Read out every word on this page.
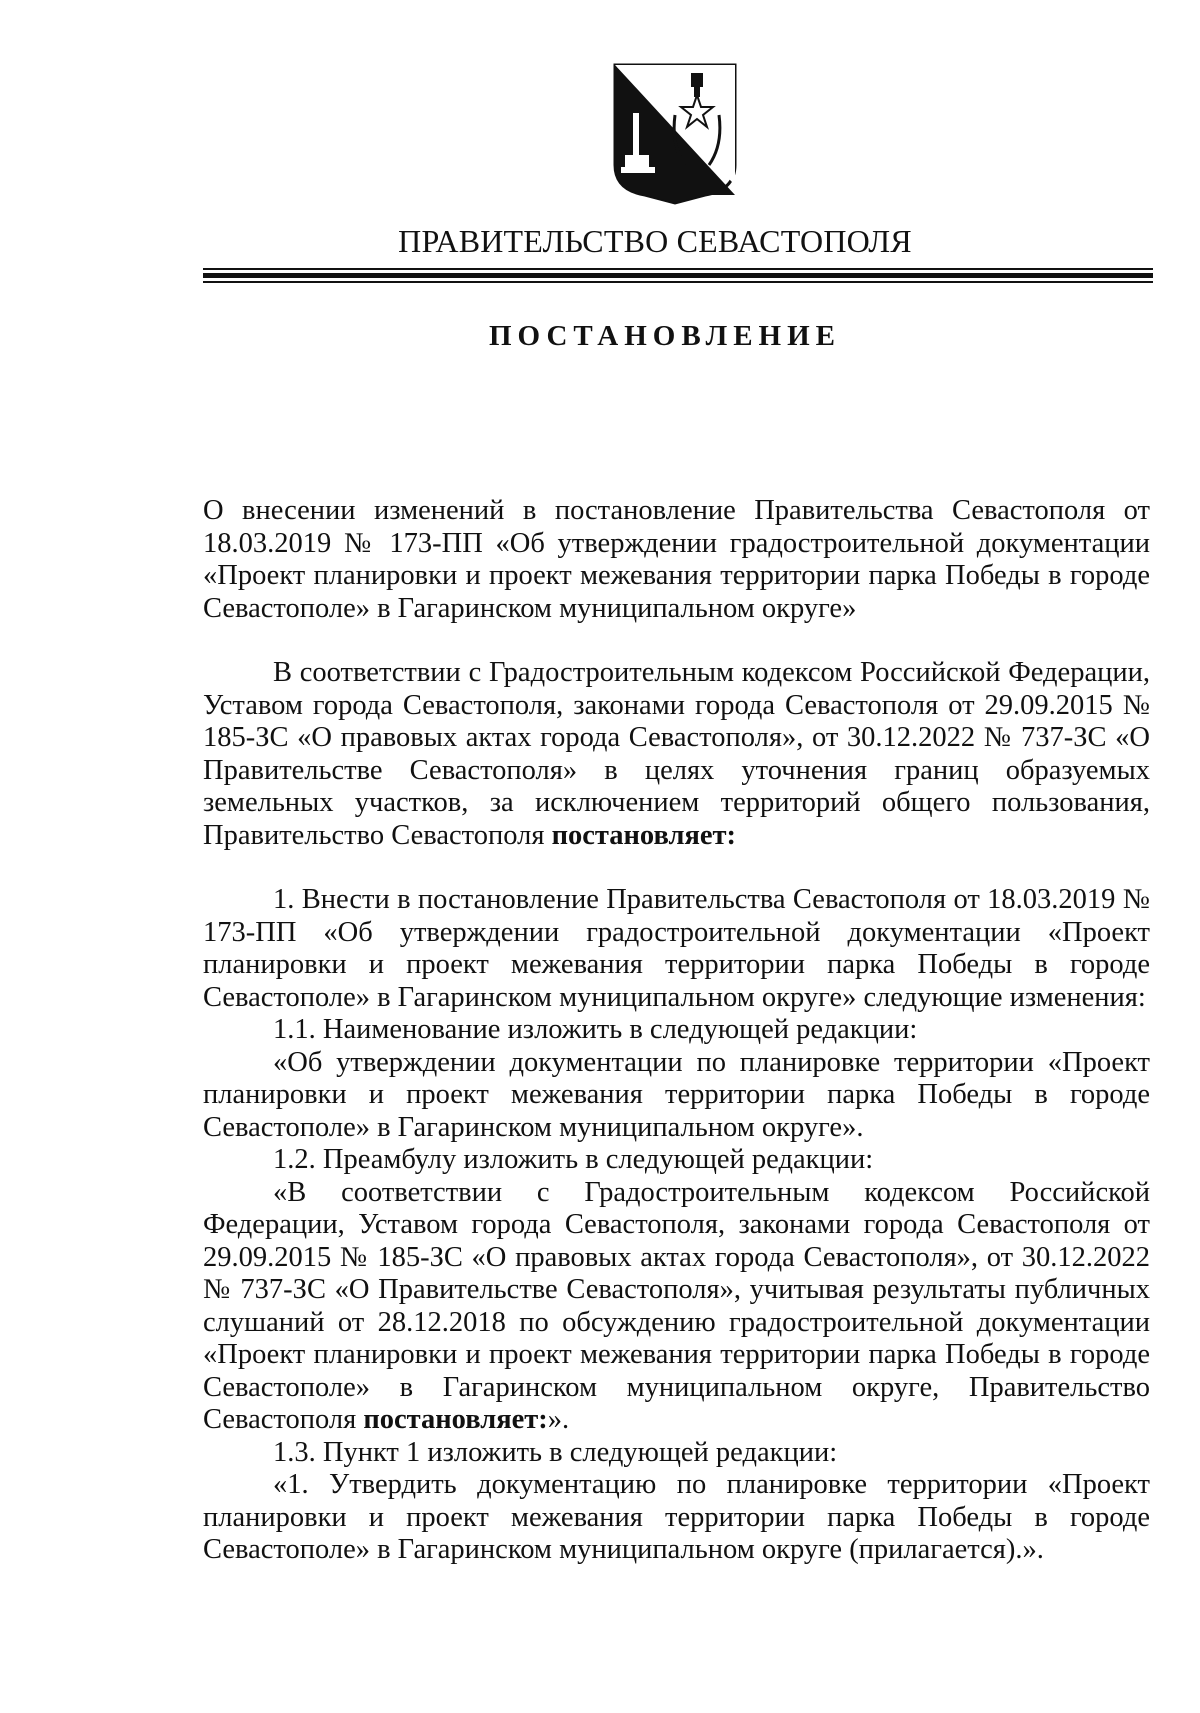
ПРАВИТЕЛЬСТВО СЕВАСТОПОЛЯ
ПОСТАНОВЛЕНИЕ

О внесении изменений в постановление Правительства Севастополя от 18.03.2019 № 173-ПП «Об утверждении градостроительной документации «Проект планировки и проект межевания территории парка Победы в городе Севастополе» в Гагаринском муниципальном округе»

В соответствии с Градостроительным кодексом Российской Федерации, Уставом города Севастополя, законами города Севастополя от 29.09.2015 № 185-ЗС «О правовых актах города Севастополя», от 30.12.2022 № 737-ЗС «О Правительстве Севастополя» в целях уточнения границ образуемых земельных участков, за исключением территорий общего пользования, Правительство Севастополя постановляет:

1. Внести в постановление Правительства Севастополя от 18.03.2019 № 173-ПП «Об утверждении градостроительной документации «Проект планировки и проект межевания территории парка Победы в городе Севастополе» в Гагаринском муниципальном округе» следующие изменения:

1.1. Наименование изложить в следующей редакции:

«Об утверждении документации по планировке территории «Проект планировки и проект межевания территории парка Победы в городе Севастополе» в Гагаринском муниципальном округе».

1.2. Преамбулу изложить в следующей редакции:

«В соответствии с Градостроительным кодексом Российской Федерации, Уставом города Севастополя, законами города Севастополя от 29.09.2015 № 185-ЗС «О правовых актах города Севастополя», от 30.12.2022 № 737-ЗС «О Правительстве Севастополя», учитывая результаты публичных слушаний от 28.12.2018 по обсуждению градостроительной документации «Проект планировки и проект межевания территории парка Победы в городе Севастополе» в Гагаринском муниципальном округе, Правительство Севастополя постановляет:».

1.3. Пункт 1 изложить в следующей редакции:

«1. Утвердить документацию по планировке территории «Проект планировки и проект межевания территории парка Победы в городе Севастополе» в Гагаринском муниципальном округе (прилагается).».
